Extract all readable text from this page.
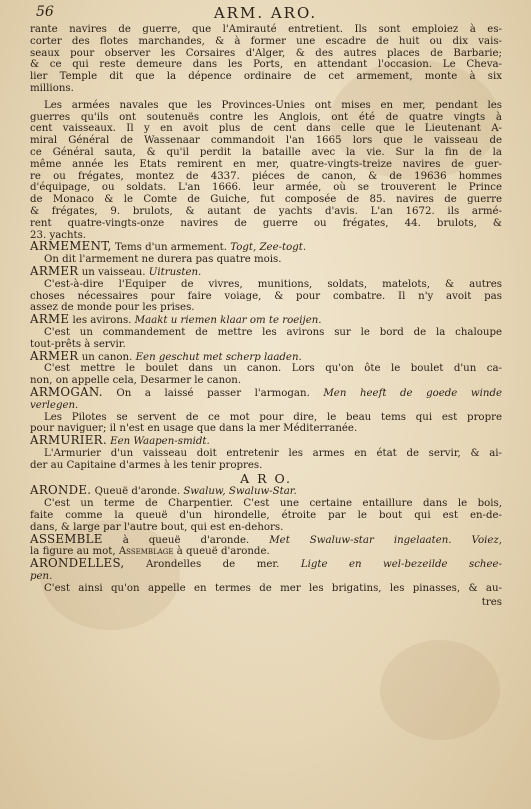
56	ARM. ARO.

rante navires de guerre, que l'Amirauté entretient. Ils sont emploiez à es-

corter des flotes marchandes, & à former une escadre de huit ou dix vais-

seaux pour observer les Corsaires d'Alger, & des autres places de Barbarie;

& ce qui reste demeure dans les Ports, en attendant l'occasion. Le Cheva-

lier Temple dit que la dépence ordinaire de cet armement, monte à six

millions.

Les armées navales que les Provinces-Unies ont mises en mer, pendant les

guerres qu'ils ont soutenuës contre les Anglois, ont été de quatre vingts à

cent vaisseaux. Il y en avoit plus de cent dans celle que le Lieutenant A-

miral Général de Wassenaar commandoit l'an 1665 lors que le vaisseau de

ce Général sauta, & qu'il perdit la bataille avec la vie. Sur la fin de la

même année les Etats remirent en mer, quatre-vingts-treize navires de guer-

re ou frégates, montez de 4337. piéces de canon, & de 19636 hommes

d'équipage, ou soldats. L'an 1666. leur armée, où se trouverent le Prince

de Monaco & le Comte de Guiche, fut composée de 85. navires de guerre

& frégates, 9. brulots, & autant de yachts d'avis. L'an 1672. ils armé-

rent quatre-vingts-onze navires de guerre ou frégates, 44. brulots, &

23. yachts.

ARMEMENT, Tems d'un armement. Togt, Zee-togt.

On dit l'armement ne durera pas quatre mois.

ARMER un vaisseau. Uitrusten.

C'est-à-dire l'Equiper de vivres, munitions, soldats, matelots, & autres

choses nécessaires pour faire voiage, & pour combatre. Il n'y avoit pas

assez de monde pour les prises.

ARME les avirons. Maakt u riemen klaar om te roeijen.

C'est un commandement de mettre les avirons sur le bord de la chaloupe

tout-prêts à servir.

ARMER un canon. Een geschut met scherp laaden.

C'est mettre le boulet dans un canon. Lors qu'on ôte le boulet d'un ca-

non, on appelle cela, Desarmer le canon.

ARMOGAN. On a laissé passer l'armogan. Men heeft de goede winde

verlegen.

Les Pilotes se servent de ce mot pour dire, le beau tems qui est propre

pour naviguer; il n'est en usage que dans la mer Méditerranée.

ARMURIER. Een Waapen-smidt.

L'Armurier d'un vaisseau doit entretenir les armes en état de servir, & ai-

der au Capitaine d'armes à les tenir propres.

A R O.

ARONDE. Queuë d'aronde. Swaluw, Swaluw-Star.

C'est un terme de Charpentier. C'est une certaine entaillure dans le bois,

faite comme la queuë d'un hirondelle, étroite par le bout qui est en-de-

dans, & large par l'autre bout, qui est en-dehors.

ASSEMBLE à queuë d'aronde. Met Swaluw-star ingelaaten. Voiez,

la figure au mot, Assemblage à queuë d'aronde.

ARONDELLES, Arondelles de mer. Ligte en wel-bezeilde schee-

pen.

C'est ainsi qu'on appelle en termes de mer les brigatins, les pinasses, & au-

tres
